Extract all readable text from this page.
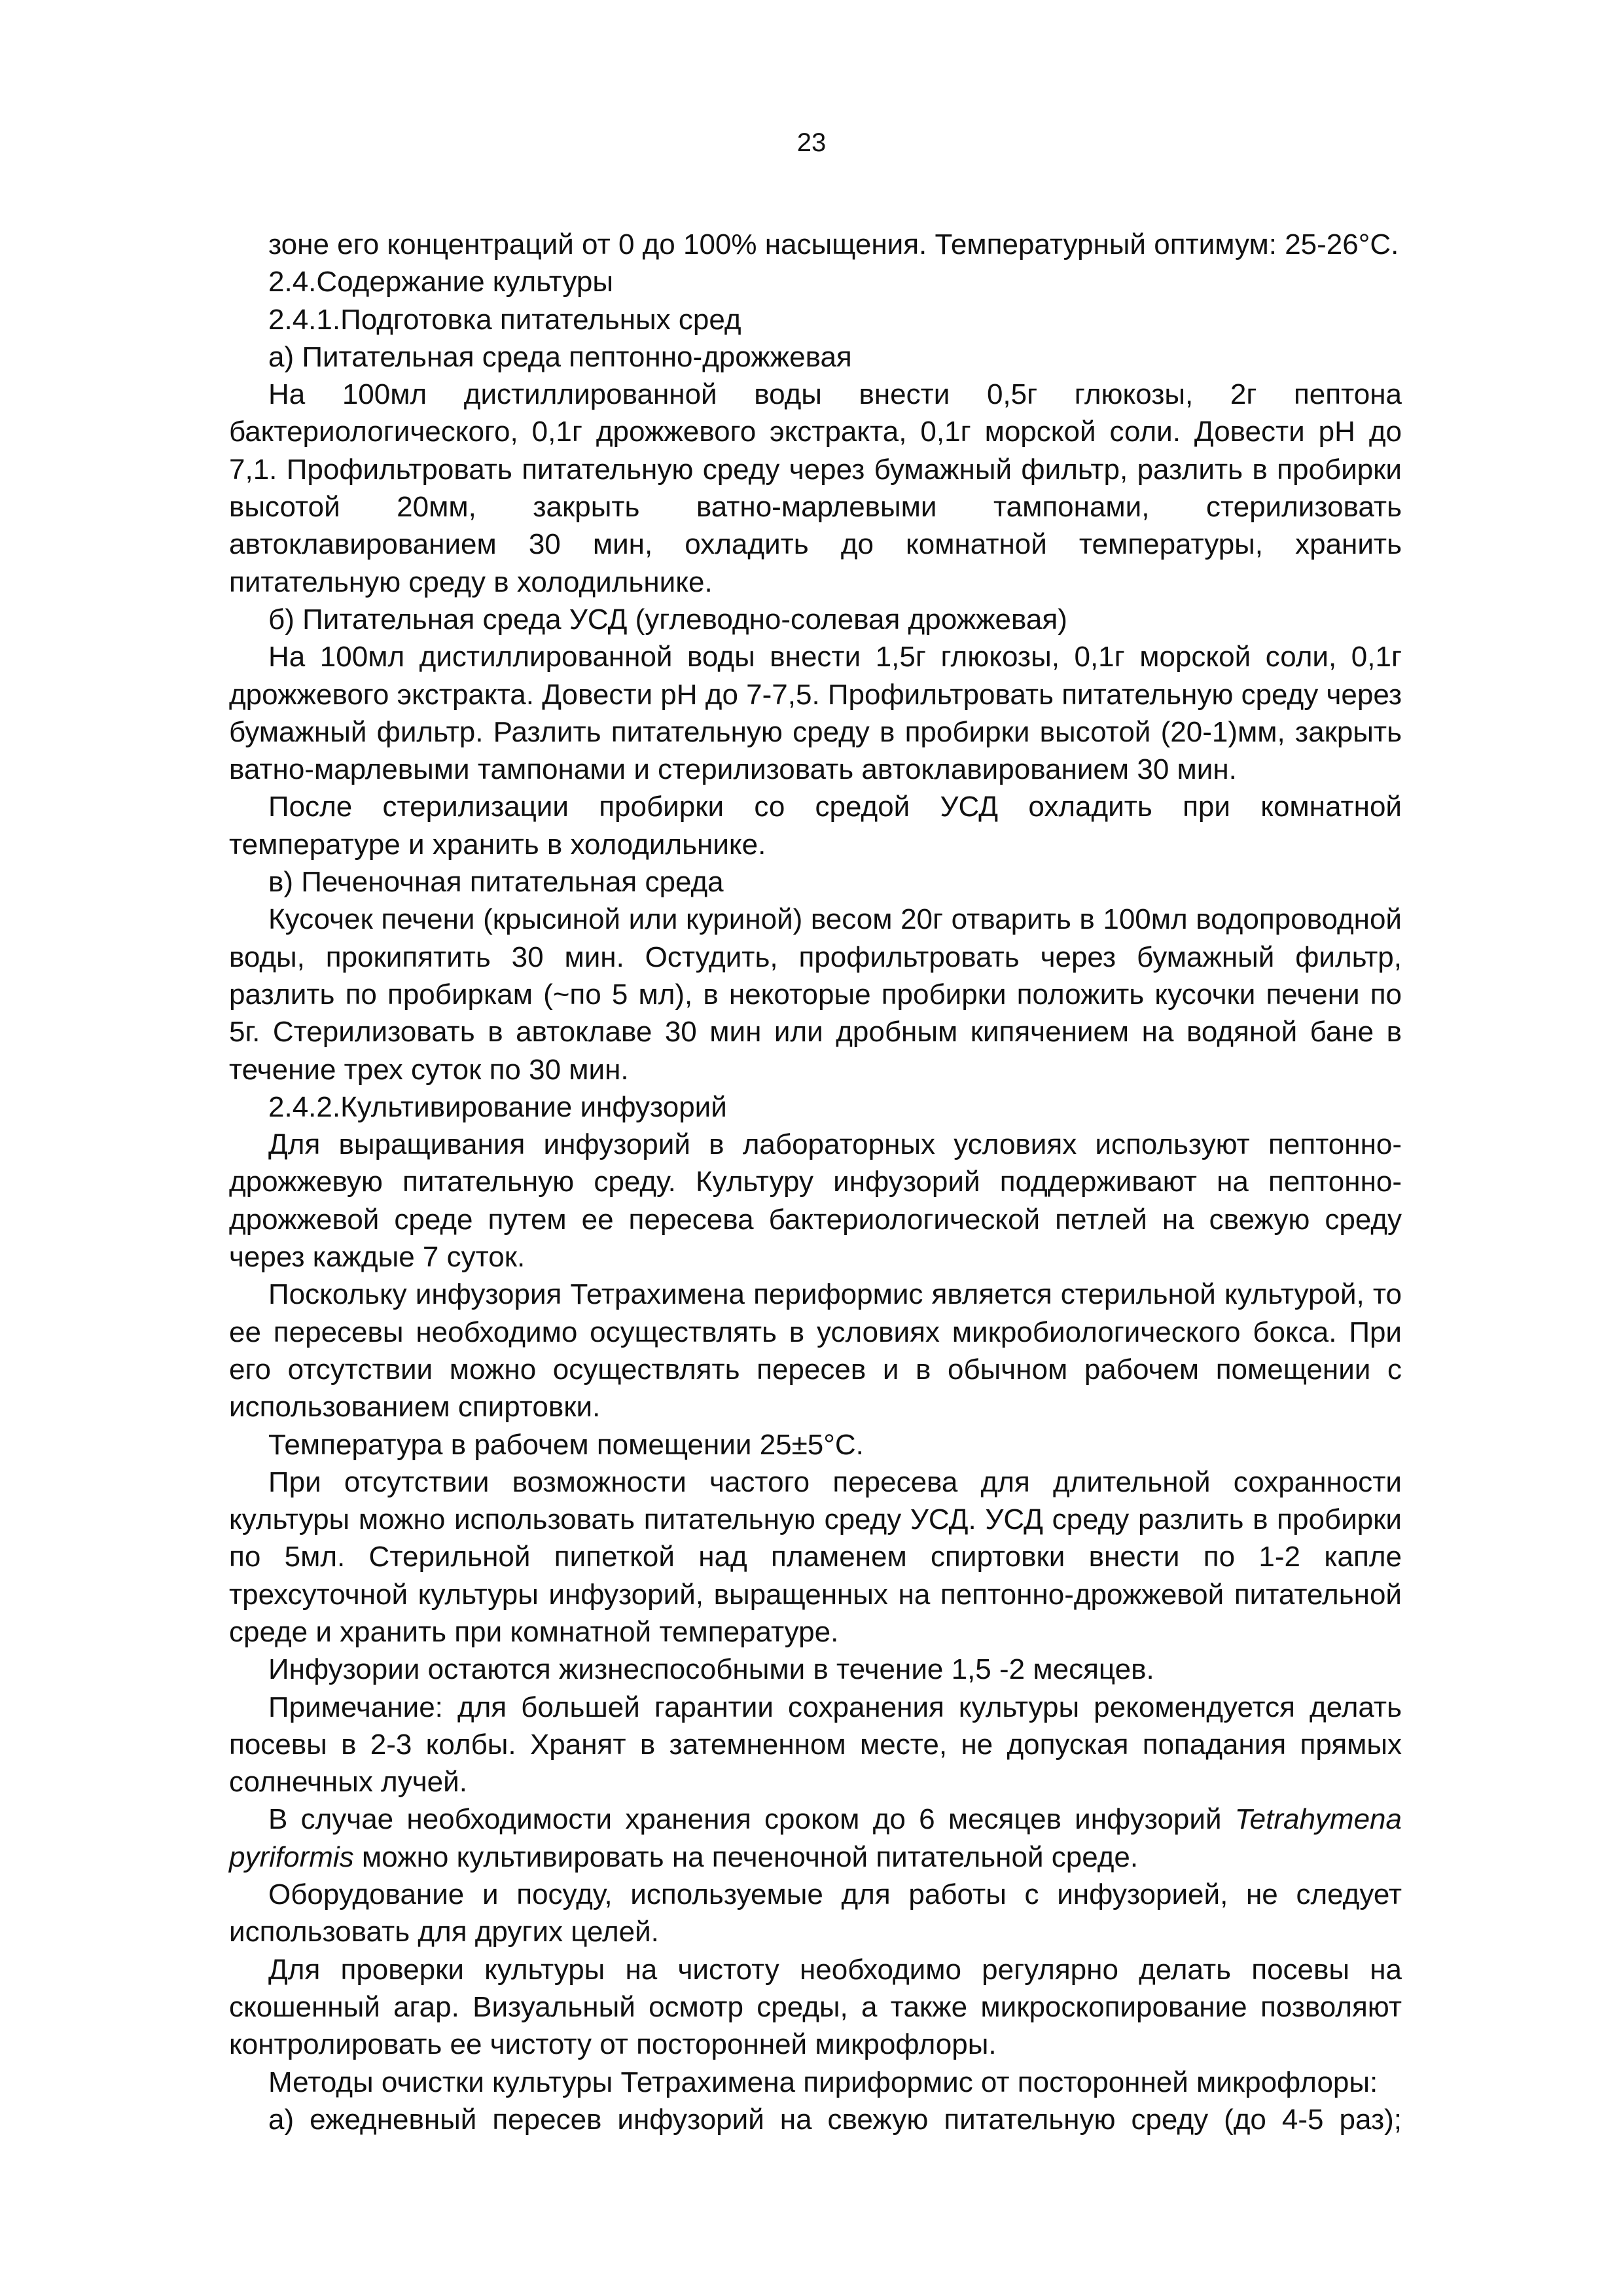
23

зоне его концентраций от 0 до 100% насыщения. Температурный оптимум: 25-26°С.

2.4.Содержание культуры

2.4.1.Подготовка питательных сред

а) Питательная среда пептонно-дрожжевая

На 100мл дистиллированной воды внести 0,5г глюкозы, 2г пептона бактериологического, 0,1г дрожжевого экстракта, 0,1г морской соли. Довести рН до 7,1. Профильтровать питательную среду через бумажный фильтр, разлить в пробирки высотой 20мм, закрыть ватно-марлевыми тампонами, стерилизовать автоклавированием 30 мин, охладить до комнатной температуры, хранить питательную среду в холодильнике.

б) Питательная среда УСД (углеводно-солевая дрожжевая)

На 100мл дистиллированной воды внести 1,5г глюкозы, 0,1г морской соли, 0,1г дрожжевого экстракта. Довести рН до 7-7,5. Профильтровать питательную среду через бумажный фильтр. Разлить питательную среду в пробирки высотой (20-1)мм, закрыть ватно-марлевыми тампонами и стерилизовать автоклавированием 30 мин.

После стерилизации пробирки со средой УСД охладить при комнатной температуре и хранить в холодильнике.

в) Печеночная питательная среда

Кусочек печени (крысиной или куриной) весом 20г отварить в 100мл водопроводной воды, прокипятить 30 мин. Остудить, профильтровать через бумажный фильтр, разлить по пробиркам (~по 5 мл), в некоторые пробирки положить кусочки печени по 5г. Стерилизовать в автоклаве 30 мин или дробным кипячением на водяной бане в течение трех суток по 30 мин.

2.4.2.Культивирование инфузорий

Для выращивания инфузорий в лабораторных условиях используют пептонно-дрожжевую питательную среду. Культуру инфузорий поддерживают на пептонно-дрожжевой среде путем ее пересева бактериологической петлей на свежую среду через каждые 7 суток.

Поскольку инфузория Тетрахимена периформис является стерильной культурой, то ее пересевы необходимо осуществлять в условиях микробиологического бокса. При его отсутствии можно осуществлять пересев и в обычном рабочем помещении с использованием спиртовки.

Температура в рабочем помещении 25±5°С.

При отсутствии возможности частого пересева для длительной сохранности культуры можно использовать питательную среду УСД. УСД среду разлить в пробирки по 5мл. Стерильной пипеткой над пламенем спиртовки внести по 1-2 капле трехсуточной культуры инфузорий, выращенных на пептонно-дрожжевой питательной среде и хранить при комнатной температуре.

Инфузории остаются жизнеспособными в течение 1,5 -2 месяцев.

Примечание: для большей гарантии сохранения культуры рекомендуется делать посевы в 2-3 колбы. Хранят в затемненном месте, не допуская попадания прямых солнечных лучей.

В случае необходимости хранения сроком до 6 месяцев инфузорий Tetrahymena pyriformis можно культивировать на печеночной питательной среде.

Оборудование и посуду, используемые для работы с инфузорией, не следует использовать для других целей.

Для проверки культуры на чистоту необходимо регулярно делать посевы на скошенный агар. Визуальный осмотр среды, а также микроскопирование позволяют контролировать ее чистоту от посторонней микрофлоры.

Методы очистки культуры Тетрахимена пириформис от посторонней микрофлоры:

а) ежедневный пересев инфузорий на свежую питательную среду (до 4-5 раз);
